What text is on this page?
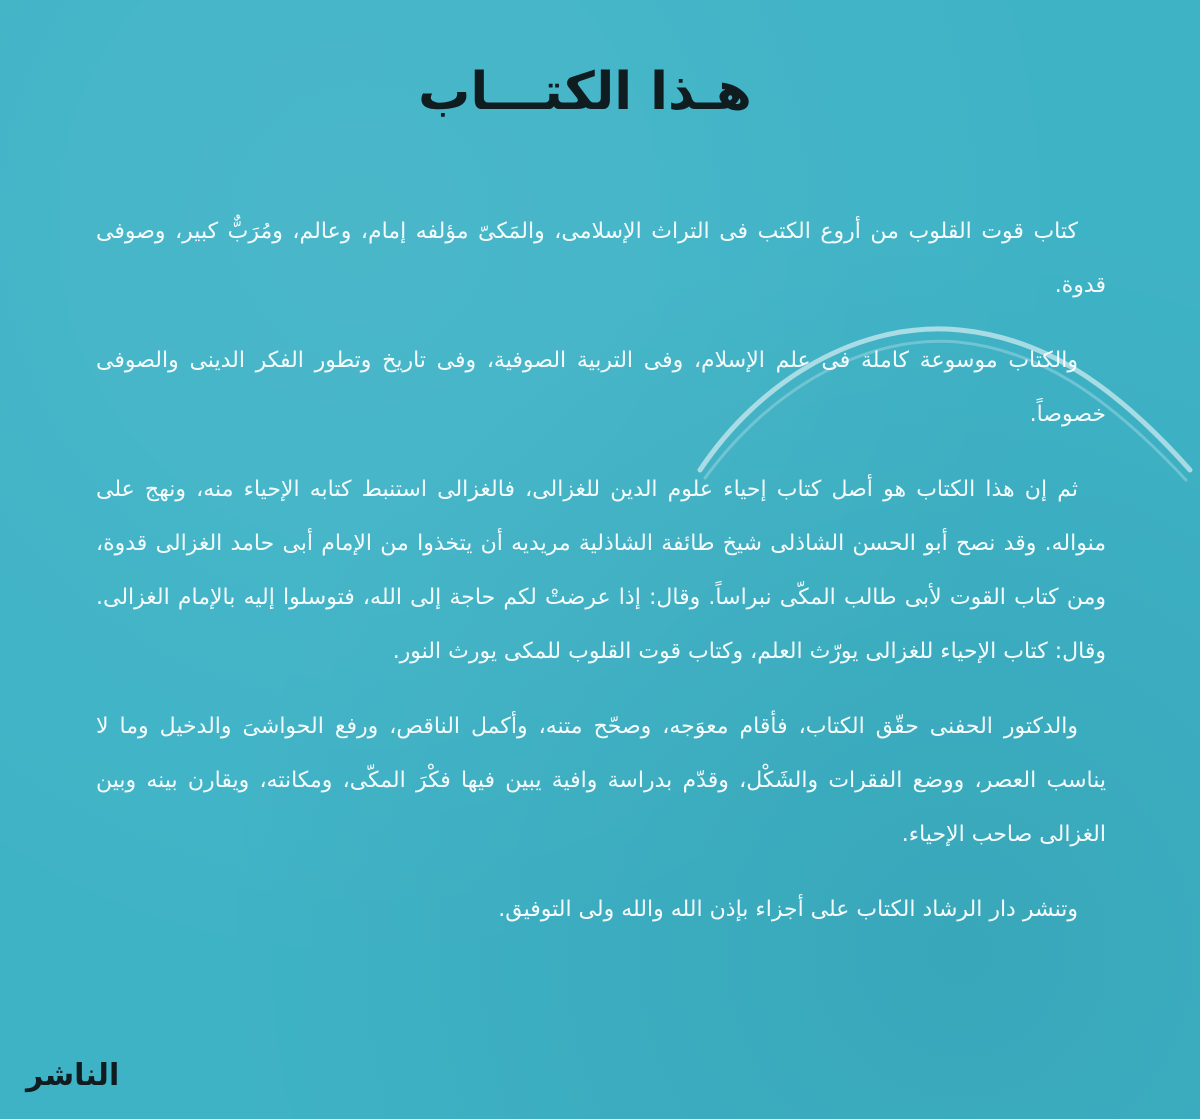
هـذا الكتـــاب

كتاب قوت القلوب من أروع الكتب فى التراث الإسلامى، والمَكىّ مؤلفه إمام، وعالم، ومُرَبٌّ كبير، وصوفى قدوة.

والكتاب موسوعة كاملة فى علم الإسلام، وفى التربية الصوفية، وفى تاريخ وتطور الفكر الدينى والصوفى خصوصاً.

ثم إن هذا الكتاب هو أصل كتاب إحياء علوم الدين للغزالى، فالغزالى استنبط كتابه الإحياء منه، ونهج على منواله. وقد نصح أبو الحسن الشاذلى شيخ طائفة الشاذلية مريديه أن يتخذوا من الإمام أبى حامد الغزالى قدوة، ومن كتاب القوت لأبى طالب المكّى نبراساً. وقال: إذا عرضتْ لكم حاجة إلى الله، فتوسلوا إليه بالإمام الغزالى. وقال: كتاب الإحياء للغزالى يورّث العلم، وكتاب قوت القلوب للمكى يورث النور.

والدكتور الحفنى حقّق الكتاب، فأقام معوَجه، وصحّح متنه، وأكمل الناقص، ورفع الحواشىَ والدخيل وما لا يناسب العصر، ووضع الفقرات والشَكْل، وقدّم بدراسة وافية يبين فيها فكْرَ المكّى، ومكانته، ويقارن بينه وبين الغزالى صاحب الإحياء.

وتنشر دار الرشاد الكتاب على أجزاء بإذن الله والله ولى التوفيق.

الناشر
